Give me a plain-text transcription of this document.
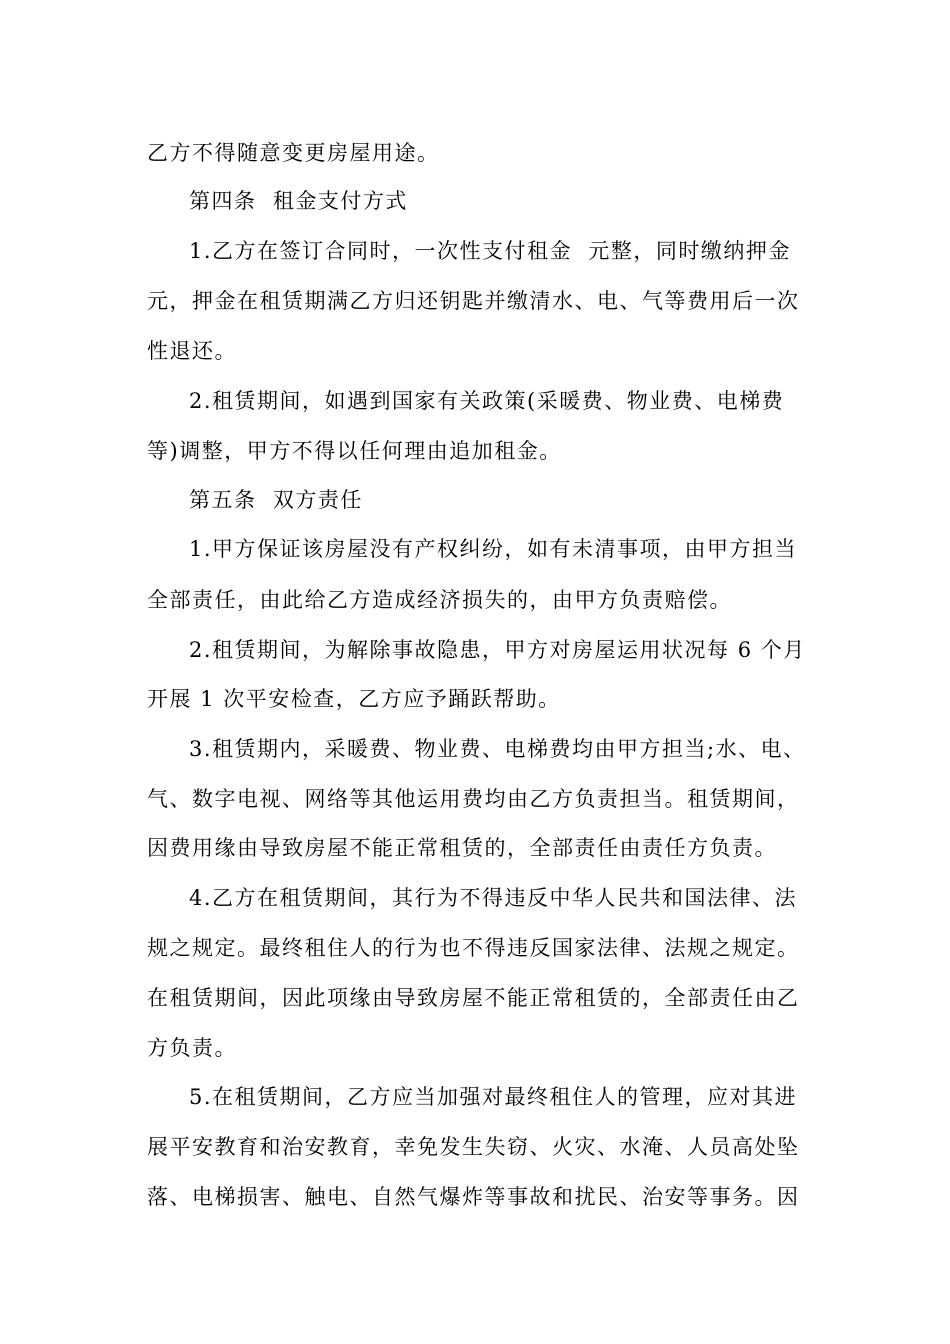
乙方不得随意变更房屋用途。
第四条  租金支付方式
1.乙方在签订合同时，一次性支付租金  元整，同时缴纳押金
元，押金在租赁期满乙方归还钥匙并缴清水、电、气等费用后一次
性退还。
2.租赁期间，如遇到国家有关政策(采暖费、物业费、电梯费
等)调整，甲方不得以任何理由追加租金。
第五条  双方责任
1.甲方保证该房屋没有产权纠纷，如有未清事项，由甲方担当
全部责任，由此给乙方造成经济损失的，由甲方负责赔偿。
2.租赁期间，为解除事故隐患，甲方对房屋运用状况每 6 个月
开展 1 次平安检查，乙方应予踊跃帮助。
3.租赁期内，采暖费、物业费、电梯费均由甲方担当;水、电、
气、数字电视、网络等其他运用费均由乙方负责担当。租赁期间，
因费用缘由导致房屋不能正常租赁的，全部责任由责任方负责。
4.乙方在租赁期间，其行为不得违反中华人民共和国法律、法
规之规定。最终租住人的行为也不得违反国家法律、法规之规定。
在租赁期间，因此项缘由导致房屋不能正常租赁的，全部责任由乙
方负责。
5.在租赁期间，乙方应当加强对最终租住人的管理，应对其进
展平安教育和治安教育，幸免发生失窃、火灾、水淹、人员高处坠
落、电梯损害、触电、自然气爆炸等事故和扰民、治安等事务。因
